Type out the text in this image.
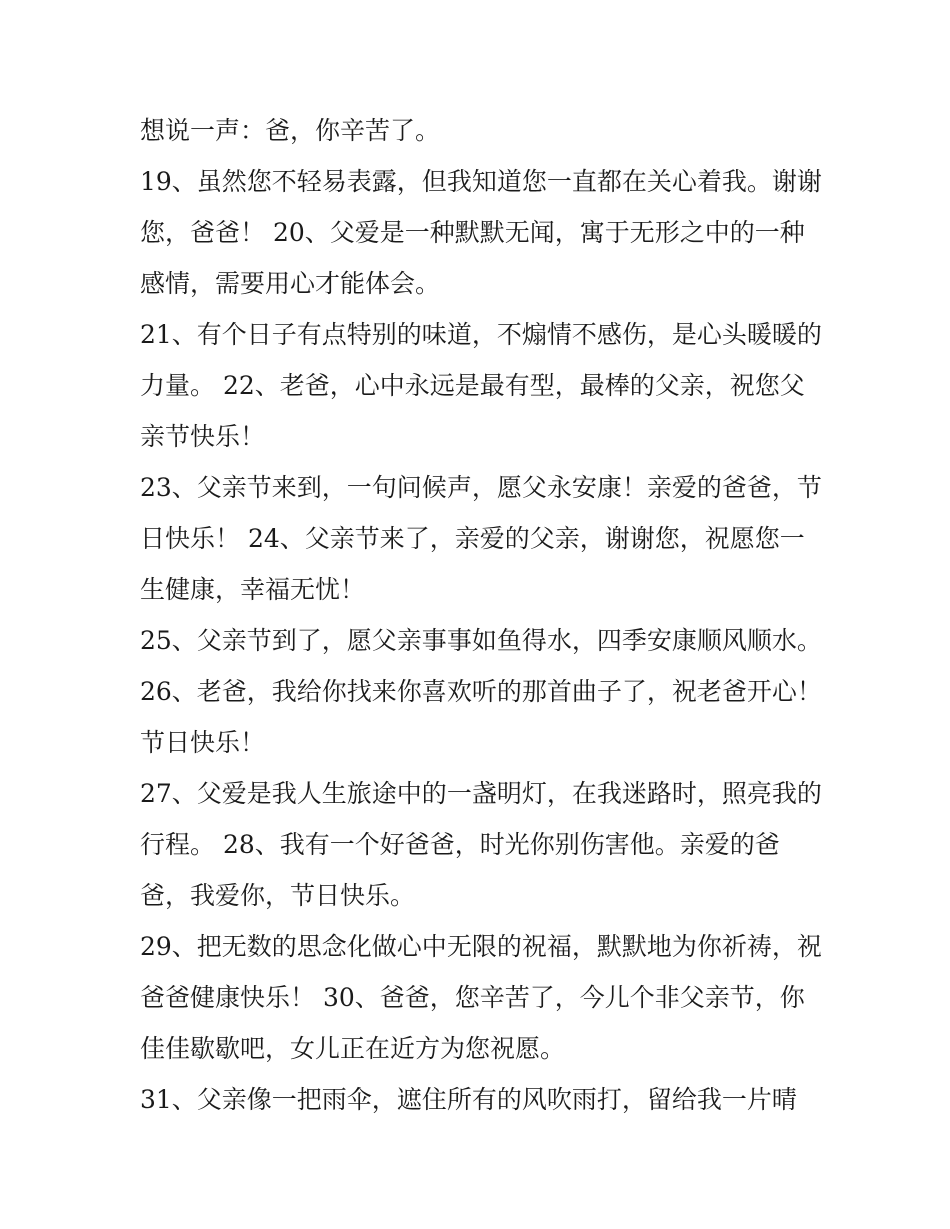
想说一声：爸，你辛苦了。
19、虽然您不轻易表露，但我知道您一直都在关心着我。谢谢
您，爸爸！ 20、父爱是一种默默无闻，寓于无形之中的一种
感情，需要用心才能体会。
21、有个日子有点特别的味道，不煽情不感伤，是心头暖暖的
力量。 22、老爸，心中永远是最有型，最棒的父亲，祝您父
亲节快乐！
23、父亲节来到，一句问候声，愿父永安康！亲爱的爸爸，节
日快乐！ 24、父亲节来了，亲爱的父亲，谢谢您，祝愿您一
生健康，幸福无忧！
25、父亲节到了，愿父亲事事如鱼得水，四季安康顺风顺水。
26、老爸，我给你找来你喜欢听的那首曲子了，祝老爸开心！
节日快乐！
27、父爱是我人生旅途中的一盏明灯，在我迷路时，照亮我的
行程。 28、我有一个好爸爸，时光你别伤害他。亲爱的爸
爸，我爱你，节日快乐。
29、把无数的思念化做心中无限的祝福，默默地为你祈祷，祝
爸爸健康快乐！ 30、爸爸，您辛苦了，今儿个非父亲节，你
佳佳歇歇吧，女儿正在近方为您祝愿。
31、父亲像一把雨伞，遮住所有的风吹雨打，留给我一片晴
